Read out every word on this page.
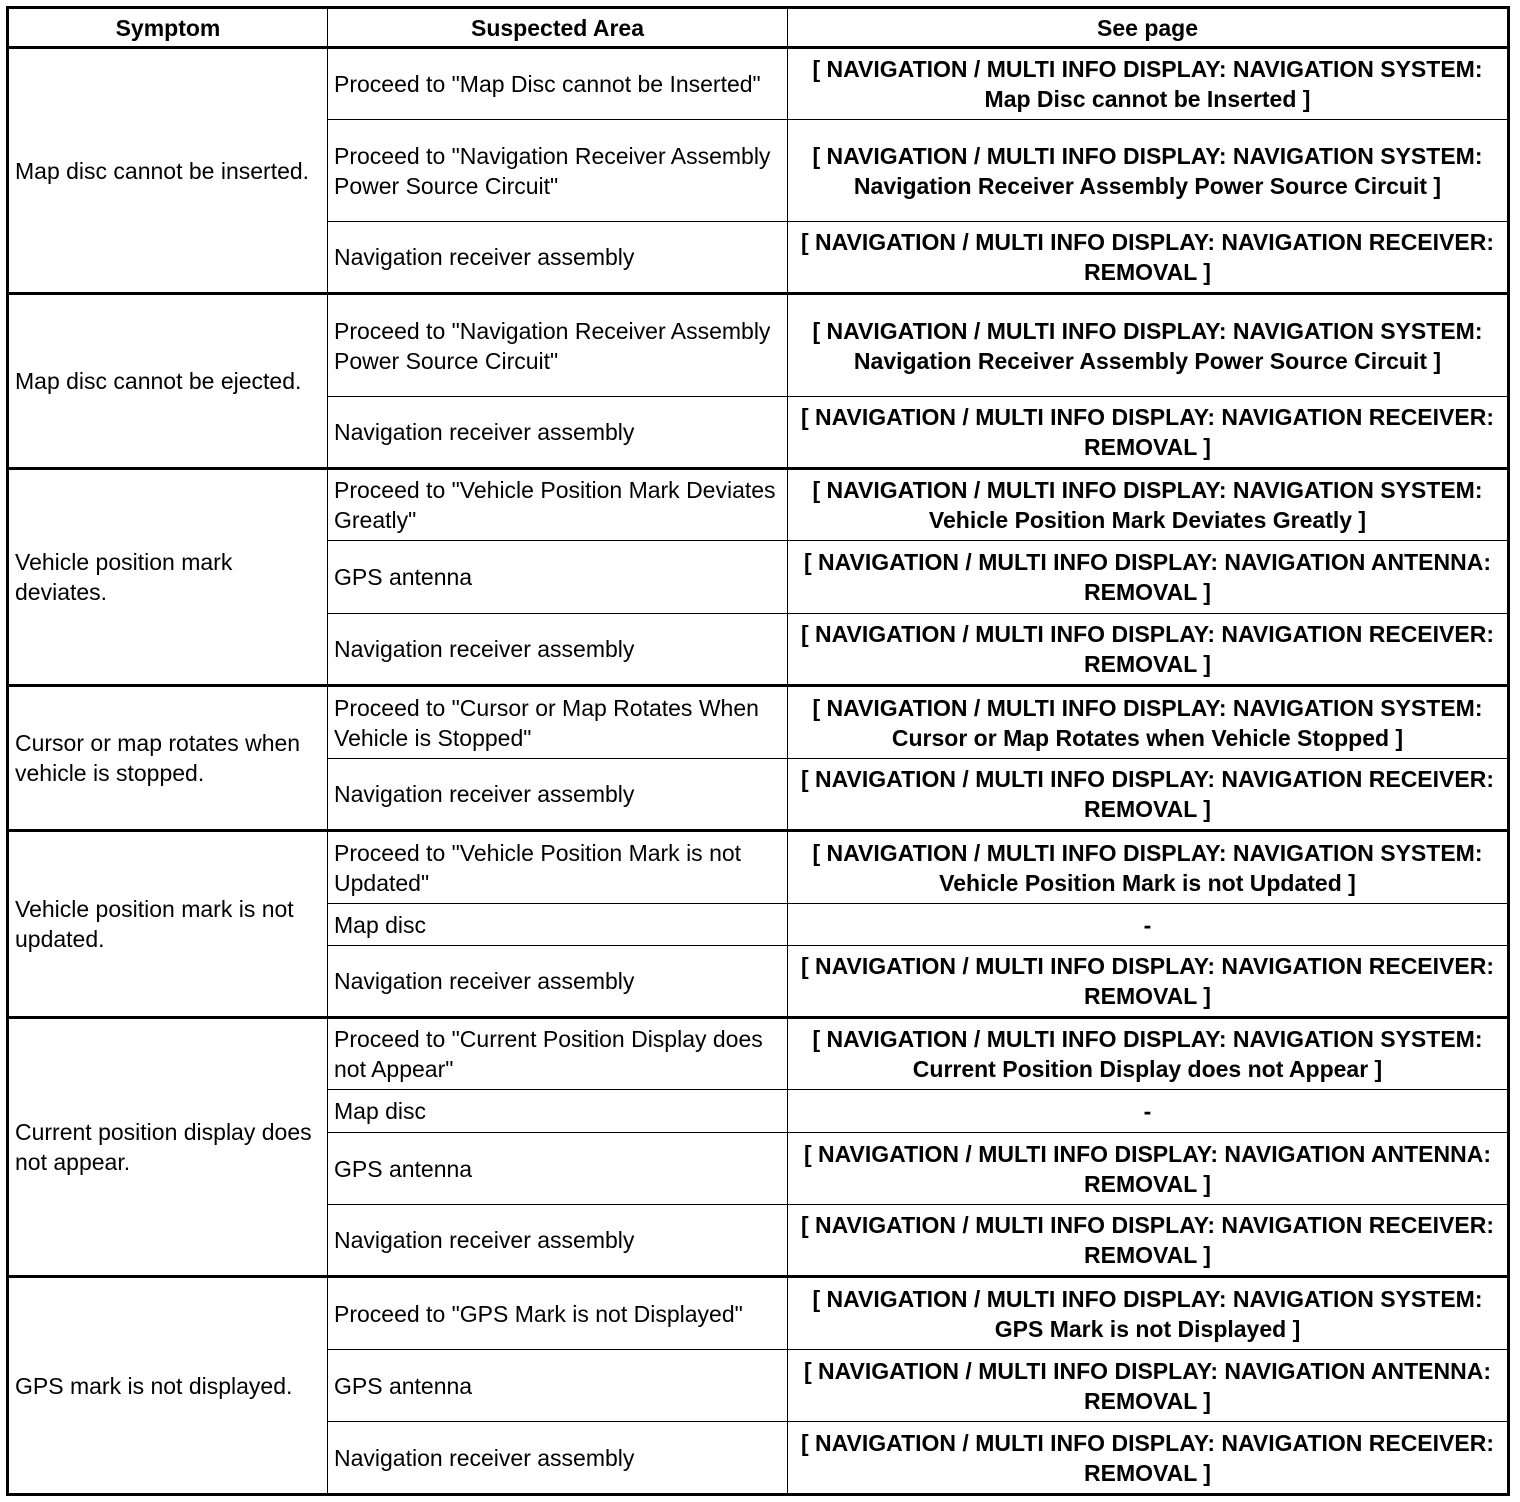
Symptom	Suspected Area	See page
Map disc cannot be inserted.	Proceed to "Map Disc cannot be Inserted"	[ NAVIGATION / MULTI INFO DISPLAY: NAVIGATION SYSTEM: Map Disc cannot be Inserted ]
	Proceed to "Navigation Receiver Assembly Power Source Circuit"	[ NAVIGATION / MULTI INFO DISPLAY: NAVIGATION SYSTEM: Navigation Receiver Assembly Power Source Circuit ]
	Navigation receiver assembly	[ NAVIGATION / MULTI INFO DISPLAY: NAVIGATION RECEIVER: REMOVAL ]
Map disc cannot be ejected.	Proceed to "Navigation Receiver Assembly Power Source Circuit"	[ NAVIGATION / MULTI INFO DISPLAY: NAVIGATION SYSTEM: Navigation Receiver Assembly Power Source Circuit ]
	Navigation receiver assembly	[ NAVIGATION / MULTI INFO DISPLAY: NAVIGATION RECEIVER: REMOVAL ]
Vehicle position mark deviates.	Proceed to "Vehicle Position Mark Deviates Greatly"	[ NAVIGATION / MULTI INFO DISPLAY: NAVIGATION SYSTEM: Vehicle Position Mark Deviates Greatly ]
	GPS antenna	[ NAVIGATION / MULTI INFO DISPLAY: NAVIGATION ANTENNA: REMOVAL ]
	Navigation receiver assembly	[ NAVIGATION / MULTI INFO DISPLAY: NAVIGATION RECEIVER: REMOVAL ]
Cursor or map rotates when vehicle is stopped.	Proceed to "Cursor or Map Rotates When Vehicle is Stopped"	[ NAVIGATION / MULTI INFO DISPLAY: NAVIGATION SYSTEM: Cursor or Map Rotates when Vehicle Stopped ]
	Navigation receiver assembly	[ NAVIGATION / MULTI INFO DISPLAY: NAVIGATION RECEIVER: REMOVAL ]
Vehicle position mark is not updated.	Proceed to "Vehicle Position Mark is not Updated"	[ NAVIGATION / MULTI INFO DISPLAY: NAVIGATION SYSTEM: Vehicle Position Mark is not Updated ]
	Map disc	-
	Navigation receiver assembly	[ NAVIGATION / MULTI INFO DISPLAY: NAVIGATION RECEIVER: REMOVAL ]
Current position display does not appear.	Proceed to "Current Position Display does not Appear"	[ NAVIGATION / MULTI INFO DISPLAY: NAVIGATION SYSTEM: Current Position Display does not Appear ]
	Map disc	-
	GPS antenna	[ NAVIGATION / MULTI INFO DISPLAY: NAVIGATION ANTENNA: REMOVAL ]
	Navigation receiver assembly	[ NAVIGATION / MULTI INFO DISPLAY: NAVIGATION RECEIVER: REMOVAL ]
GPS mark is not displayed.	Proceed to "GPS Mark is not Displayed"	[ NAVIGATION / MULTI INFO DISPLAY: NAVIGATION SYSTEM: GPS Mark is not Displayed ]
	GPS antenna	[ NAVIGATION / MULTI INFO DISPLAY: NAVIGATION ANTENNA: REMOVAL ]
	Navigation receiver assembly	[ NAVIGATION / MULTI INFO DISPLAY: NAVIGATION RECEIVER: REMOVAL ]
